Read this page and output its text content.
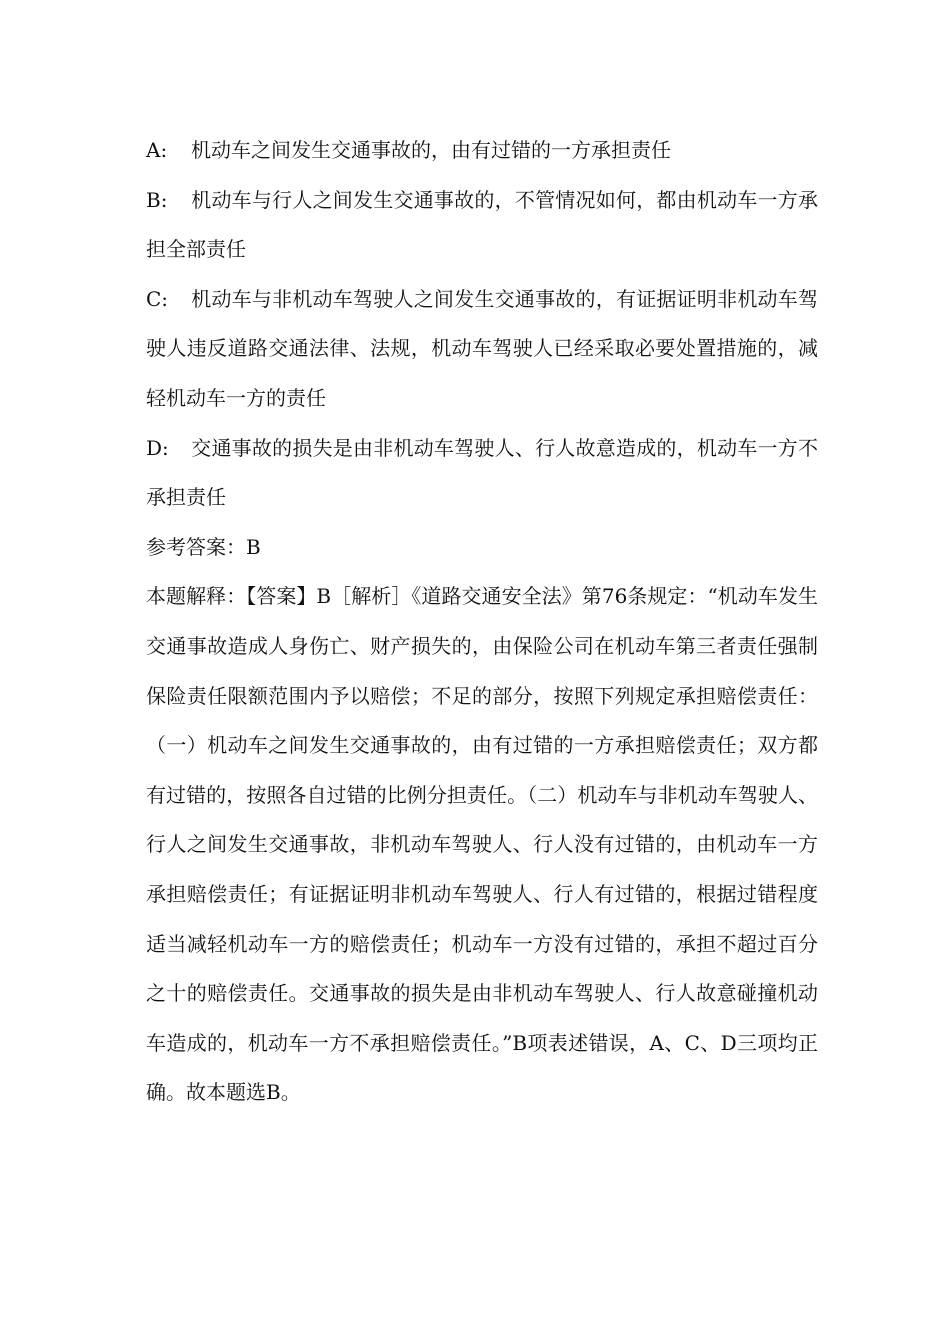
A: 机动车之间发生交通事故的，由有过错的一方承担责任

B: 机动车与行人之间发生交通事故的，不管情况如何，都由机动车一方承担全部责任

C: 机动车与非机动车驾驶人之间发生交通事故的，有证据证明非机动车驾驶人违反道路交通法律、法规，机动车驾驶人已经采取必要处置措施的，减轻机动车一方的责任

D: 交通事故的损失是由非机动车驾驶人、行人故意造成的，机动车一方不承担责任

参考答案：B

本题解释：【答案】B［解析］《道路交通安全法》第76条规定：“机动车发生交通事故造成人身伤亡、财产损失的，由保险公司在机动车第三者责任强制保险责任限额范围内予以赔偿；不足的部分，按照下列规定承担赔偿责任：（一）机动车之间发生交通事故的，由有过错的一方承担赔偿责任；双方都有过错的，按照各自过错的比例分担责任。（二）机动车与非机动车驾驶人、行人之间发生交通事故，非机动车驾驶人、行人没有过错的，由机动车一方承担赔偿责任；有证据证明非机动车驾驶人、行人有过错的，根据过错程度适当减轻机动车一方的赔偿责任；机动车一方没有过错的，承担不超过百分之十的赔偿责任。交通事故的损失是由非机动车驾驶人、行人故意碰撞机动车造成的，机动车一方不承担赔偿责任。”B项表述错误，A、C、D三项均正确。故本题选B。
